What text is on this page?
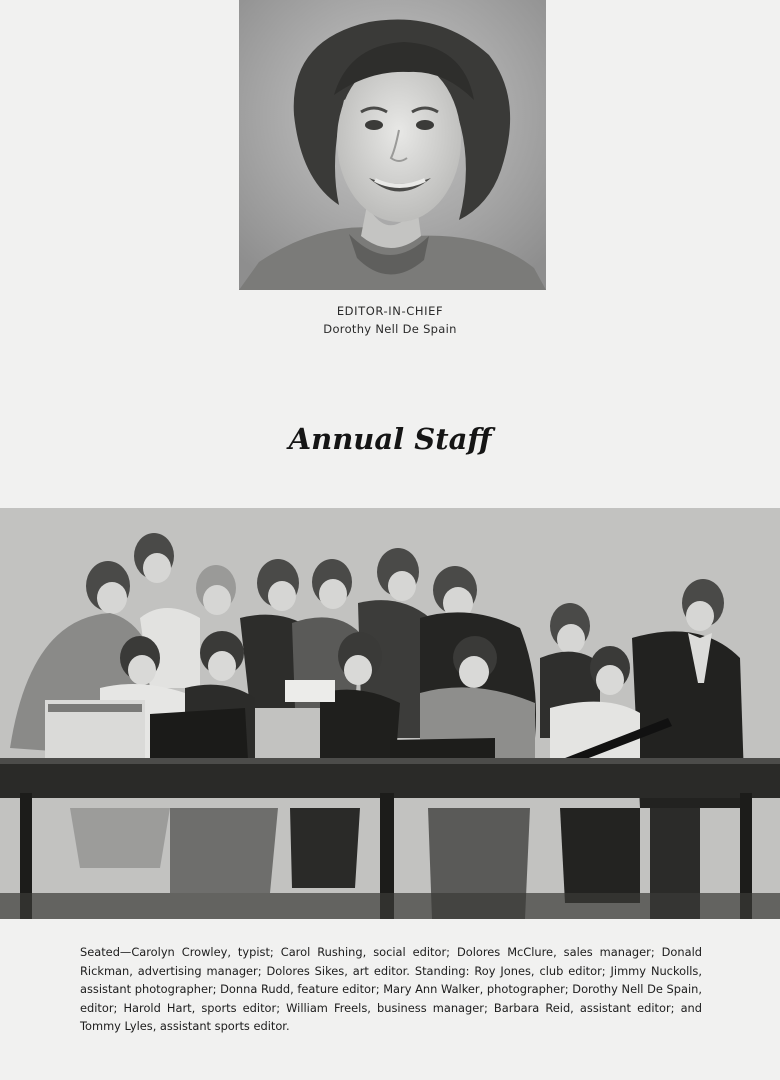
EDITOR-IN-CHIEF
Dorothy Nell De Spain
Annual Staff
Seated—Carolyn Crowley, typist; Carol Rushing, social editor; Dolores McClure, sales manager; Donald Rickman, advertising manager; Dolores Sikes, art editor. Standing: Roy Jones, club editor; Jimmy Nuckolls, assistant photographer; Donna Rudd, feature editor; Mary Ann Walker, photographer; Dorothy Nell De Spain, editor; Harold Hart, sports editor; William Freels, business manager; Barbara Reid, assistant editor; and Tommy Lyles, assistant sports editor.
